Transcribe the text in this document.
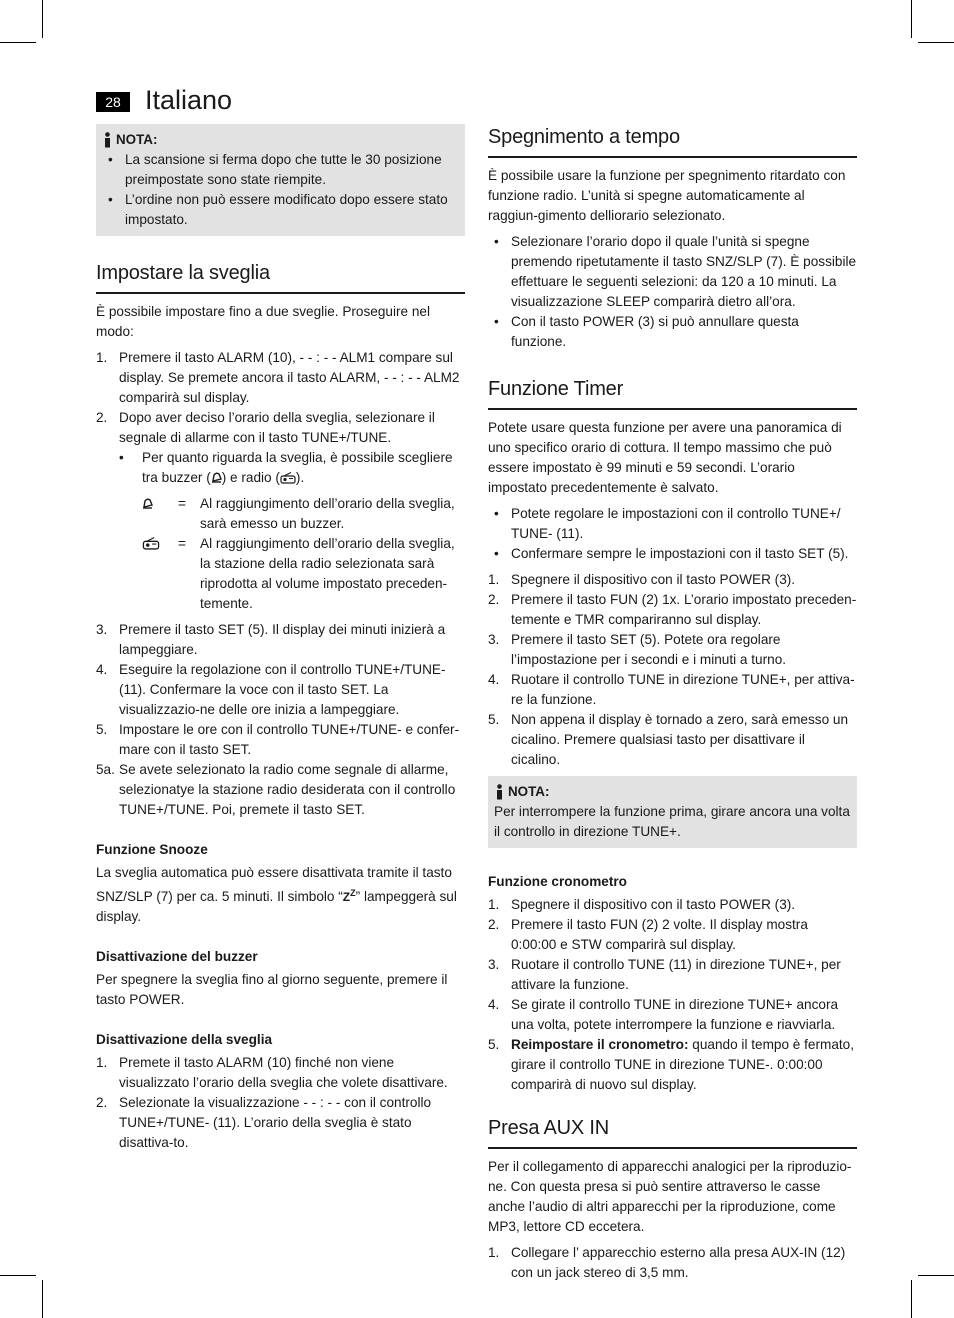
28 Italiano
NOTA:
• La scansione si ferma dopo che tutte le 30 posizione preimpostate sono state riempite.
• L’ordine non può essere modificato dopo essere stato impostato.
Impostare la sveglia

È possibile impostare fino a due sveglie. Proseguire nel modo:

1. Premere il tasto ALARM (10), - - : - - ALM1 compare sul display. Se premete ancora il tasto ALARM, - - : - - ALM2 comparirà sul display.
2. Dopo aver deciso l’orario della sveglia, selezionare il segnale di allarme con il tasto TUNE+/TUNE.
• Per quanto riguarda la sveglia, è possibile scegliere tra buzzer ( ) e radio ( ).
=	Al raggiungimento dell’orario della sveglia, sarà emesso un buzzer.
=	Al raggiungimento dell’orario della sveglia, la stazione della radio selezionata sarà riprodotta al volume impostato preceden-temente.
3. Premere il tasto SET (5). Il display dei minuti inizierà a lampeggiare.
4. Eseguire la regolazione con il controllo TUNE+/TUNE- (11). Confermare la voce con il tasto SET. La visualizzazio-ne delle ore inizia a lampeggiare.
5. Impostare le ore con il controllo TUNE+/TUNE- e confer-mare con il tasto SET.
5a. Se avete selezionato la radio come segnale di allarme, selezionatye la stazione radio desiderata con il controllo TUNE+/TUNE. Poi, premete il tasto SET.
Funzione Snooze

La sveglia automatica può essere disattivata tramite il tasto SNZ/SLP (7) per ca. 5 minuti. Il simbolo “$Z^Z$” lampeggerà sul display.

Disattivazione del buzzer

Per spegnere la sveglia fino al giorno seguente, premere il tasto POWER.

Disattivazione della sveglia
1. Premete il tasto ALARM (10) finché non viene visualizzato l’orario della sveglia che volete disattivare.
2. Selezionate la visualizzazione - - : - - con il controllo TUNE+/TUNE- (11). L’orario della sveglia è stato disattiva-to.
Spegnimento a tempo

È possibile usare la funzione per spegnimento ritardato con funzione radio. L’unità si spegne automaticamente al raggiun-gimento delliorario selezionato.

• Selezionare l’orario dopo il quale l’unità si spegne premendo ripetutamente il tasto SNZ/SLP (7). È possibile effettuare le seguenti selezioni: da 120 a 10 minuti. La visualizzazione SLEEP comparirà dietro all’ora.
• Con il tasto POWER (3) si può annullare questa funzione.
Funzione Timer

Potete usare questa funzione per avere una panoramica di uno specifico orario di cottura. Il tempo massimo che può essere impostato è 99 minuti e 59 secondi. L’orario impostato precedentemente è salvato.

• Potete regolare le impostazioni con il controllo TUNE+/ TUNE- (11).
• Confermare sempre le impostazioni con il tasto SET (5).
1. Spegnere il dispositivo con il tasto POWER (3).
2. Premere il tasto FUN (2) 1x. L’orario impostato preceden-temente e TMR compariranno sul display.
3. Premere il tasto SET (5). Potete ora regolare l’impostazione per i secondi e i minuti a turno.
4. Ruotare il controllo TUNE in direzione TUNE+, per attiva-re la funzione.
5. Non appena il display è tornado a zero, sarà emesso un cicalino. Premere qualsiasi tasto per disattivare il cicalino.
NOTA:

Per interrompere la funzione prima, girare ancora una volta il controllo in direzione TUNE+.

Funzione cronometro
1. Spegnere il dispositivo con il tasto POWER (3).
2. Premere il tasto FUN (2) 2 volte. Il display mostra 0:00:00 e STW comparirà sul display.
3. Ruotare il controllo TUNE (11) in direzione TUNE+, per attivare la funzione.
4. Se girate il controllo TUNE in direzione TUNE+ ancora una volta, potete interrompere la funzione e riavviarla.
5. Reimpostare il cronometro: quando il tempo è fermato, girare il controllo TUNE in direzione TUNE-. 0:00:00 comparirà di nuovo sul display.
Presa AUX IN

Per il collegamento di apparecchi analogici per la riproduzio-ne. Con questa presa si può sentire attraverso le casse anche l’audio di altri apparecchi per la riproduzione, come MP3, lettore CD eccetera.

1. Collegare l’ apparecchio esterno alla presa AUX-IN (12) con un jack stereo di 3,5 mm.
